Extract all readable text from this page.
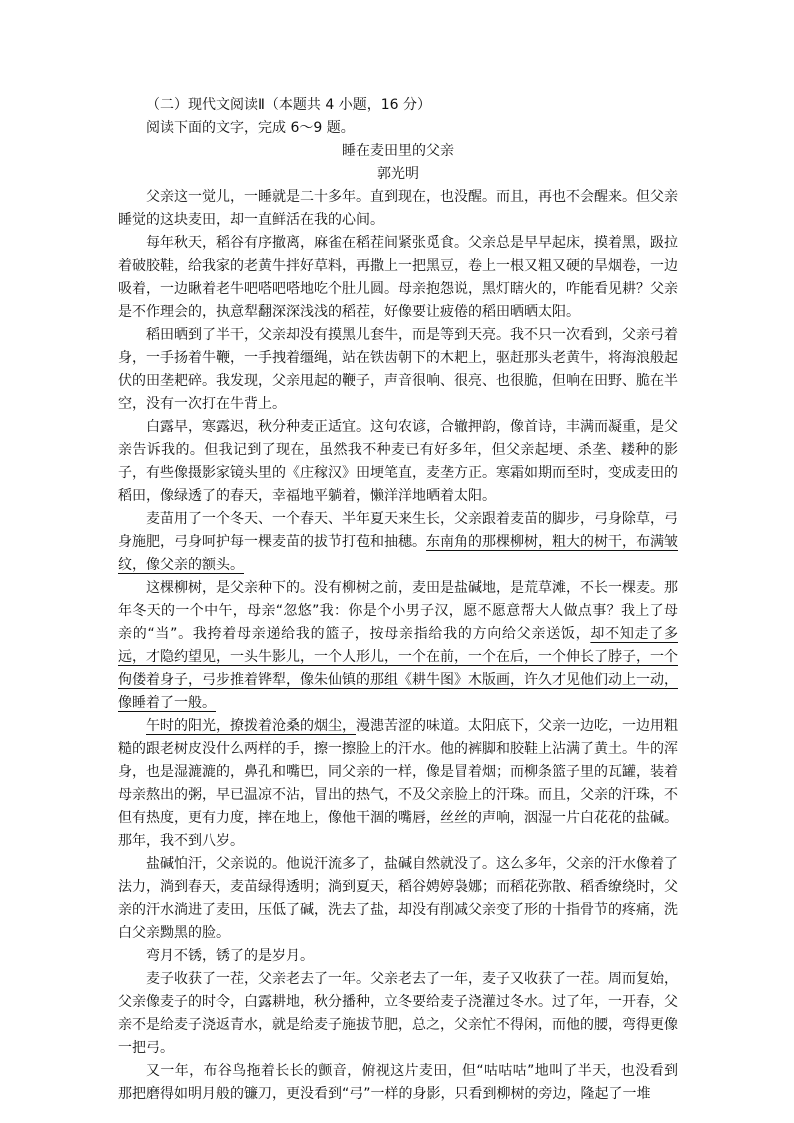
（二）现代文阅读Ⅱ（本题共 4 小题，16 分）

阅读下面的文字，完成 6～9 题。

睡在麦田里的父亲

郭光明

父亲这一觉儿，一睡就是二十多年。直到现在，也没醒。而且，再也不会醒来。但父亲睡觉的这块麦田，却一直鲜活在我的心间。

每年秋天，稻谷有序撤离，麻雀在稻茬间紧张觅食。父亲总是早早起床，摸着黑，趿拉着破胶鞋，给我家的老黄牛拌好草料，再撒上一把黑豆，卷上一根又粗又硬的旱烟卷，一边吸着，一边瞅着老牛吧嗒吧嗒地吃个肚儿圆。母亲抱怨说，黑灯瞎火的，咋能看见耕？父亲是不作理会的，执意犁翻深深浅浅的稻茬，好像要让疲倦的稻田晒晒太阳。

稻田晒到了半干，父亲却没有摸黑儿套牛，而是等到天亮。我不只一次看到，父亲弓着身，一手扬着牛鞭，一手拽着缰绳，站在铁齿朝下的木耙上，驱赶那头老黄牛，将海浪般起伏的田垄耙碎。我发现，父亲甩起的鞭子，声音很响、很亮、也很脆，但响在田野、脆在半空，没有一次打在牛背上。

白露早，寒露迟，秋分种麦正适宜。这句农谚，合辙押韵，像首诗，丰满而凝重，是父亲告诉我的。但我记到了现在，虽然我不种麦已有好多年，但父亲起埂、杀垄、耧种的影子，有些像摄影家镜头里的《庄稼汉》田埂笔直，麦垄方正。寒霜如期而至时，变成麦田的稻田，像绿透了的春天，幸福地平躺着，懒洋洋地晒着太阳。

麦苗用了一个冬天、一个春天、半年夏天来生长，父亲跟着麦苗的脚步，弓身除草，弓身施肥，弓身呵护每一棵麦苗的拔节打苞和抽穗。东南角的那棵柳树，粗大的树干，布满皱纹，像父亲的额头。

这棵柳树，是父亲种下的。没有柳树之前，麦田是盐碱地，是荒草滩，不长一棵麦。那年冬天的一个中午，母亲“忽悠”我：你是个小男子汉，愿不愿意帮大人做点事？我上了母亲的“当”。我挎着母亲递给我的篮子，按母亲指给我的方向给父亲送饭，却不知走了多远，才隐约望见，一头牛影儿，一个人形儿，一个在前，一个在后，一个伸长了脖子，一个佝偻着身子，弓步推着铧犁，像朱仙镇的那组《耕牛图》木版画，许久才见他们动上一动，像睡着了一般。

午时的阳光，撩拨着沧桑的烟尘，漫漶苦涩的味道。太阳底下，父亲一边吃，一边用粗糙的跟老树皮没什么两样的手，擦一擦脸上的汗水。他的裤脚和胶鞋上沾满了黄土。牛的浑身，也是湿漉漉的，鼻孔和嘴巴，同父亲的一样，像是冒着烟；而柳条篮子里的瓦罐，装着母亲熬出的粥，早已温凉不沾，冒出的热气，不及父亲脸上的汗珠。而且，父亲的汗珠，不但有热度，更有力度，摔在地上，像他干涸的嘴唇，丝丝的声响，洇湿一片白花花的盐碱。那年，我不到八岁。

盐碱怕汗，父亲说的。他说汗流多了，盐碱自然就没了。这么多年，父亲的汗水像着了法力，淌到春天，麦苗绿得透明；淌到夏天，稻谷娉婷袅娜；而稻花弥散、稻香缭绕时，父亲的汗水淌进了麦田，压低了碱，洗去了盐，却没有削减父亲变了形的十指骨节的疼痛，洗白父亲黝黑的脸。

弯月不锈，锈了的是岁月。

麦子收获了一茬，父亲老去了一年。父亲老去了一年，麦子又收获了一茬。周而复始，父亲像麦子的时令，白露耕地，秋分播种，立冬要给麦子浇灌过冬水。过了年，一开春，父亲不是给麦子浇返青水，就是给麦子施拔节肥，总之，父亲忙不得闲，而他的腰，弯得更像一把弓。

又一年，布谷鸟拖着长长的颤音，俯视这片麦田，但“咕咕咕”地叫了半天，也没看到那把磨得如明月般的镰刀，更没看到“弓”一样的身影，只看到柳树的旁边，隆起了一堆
